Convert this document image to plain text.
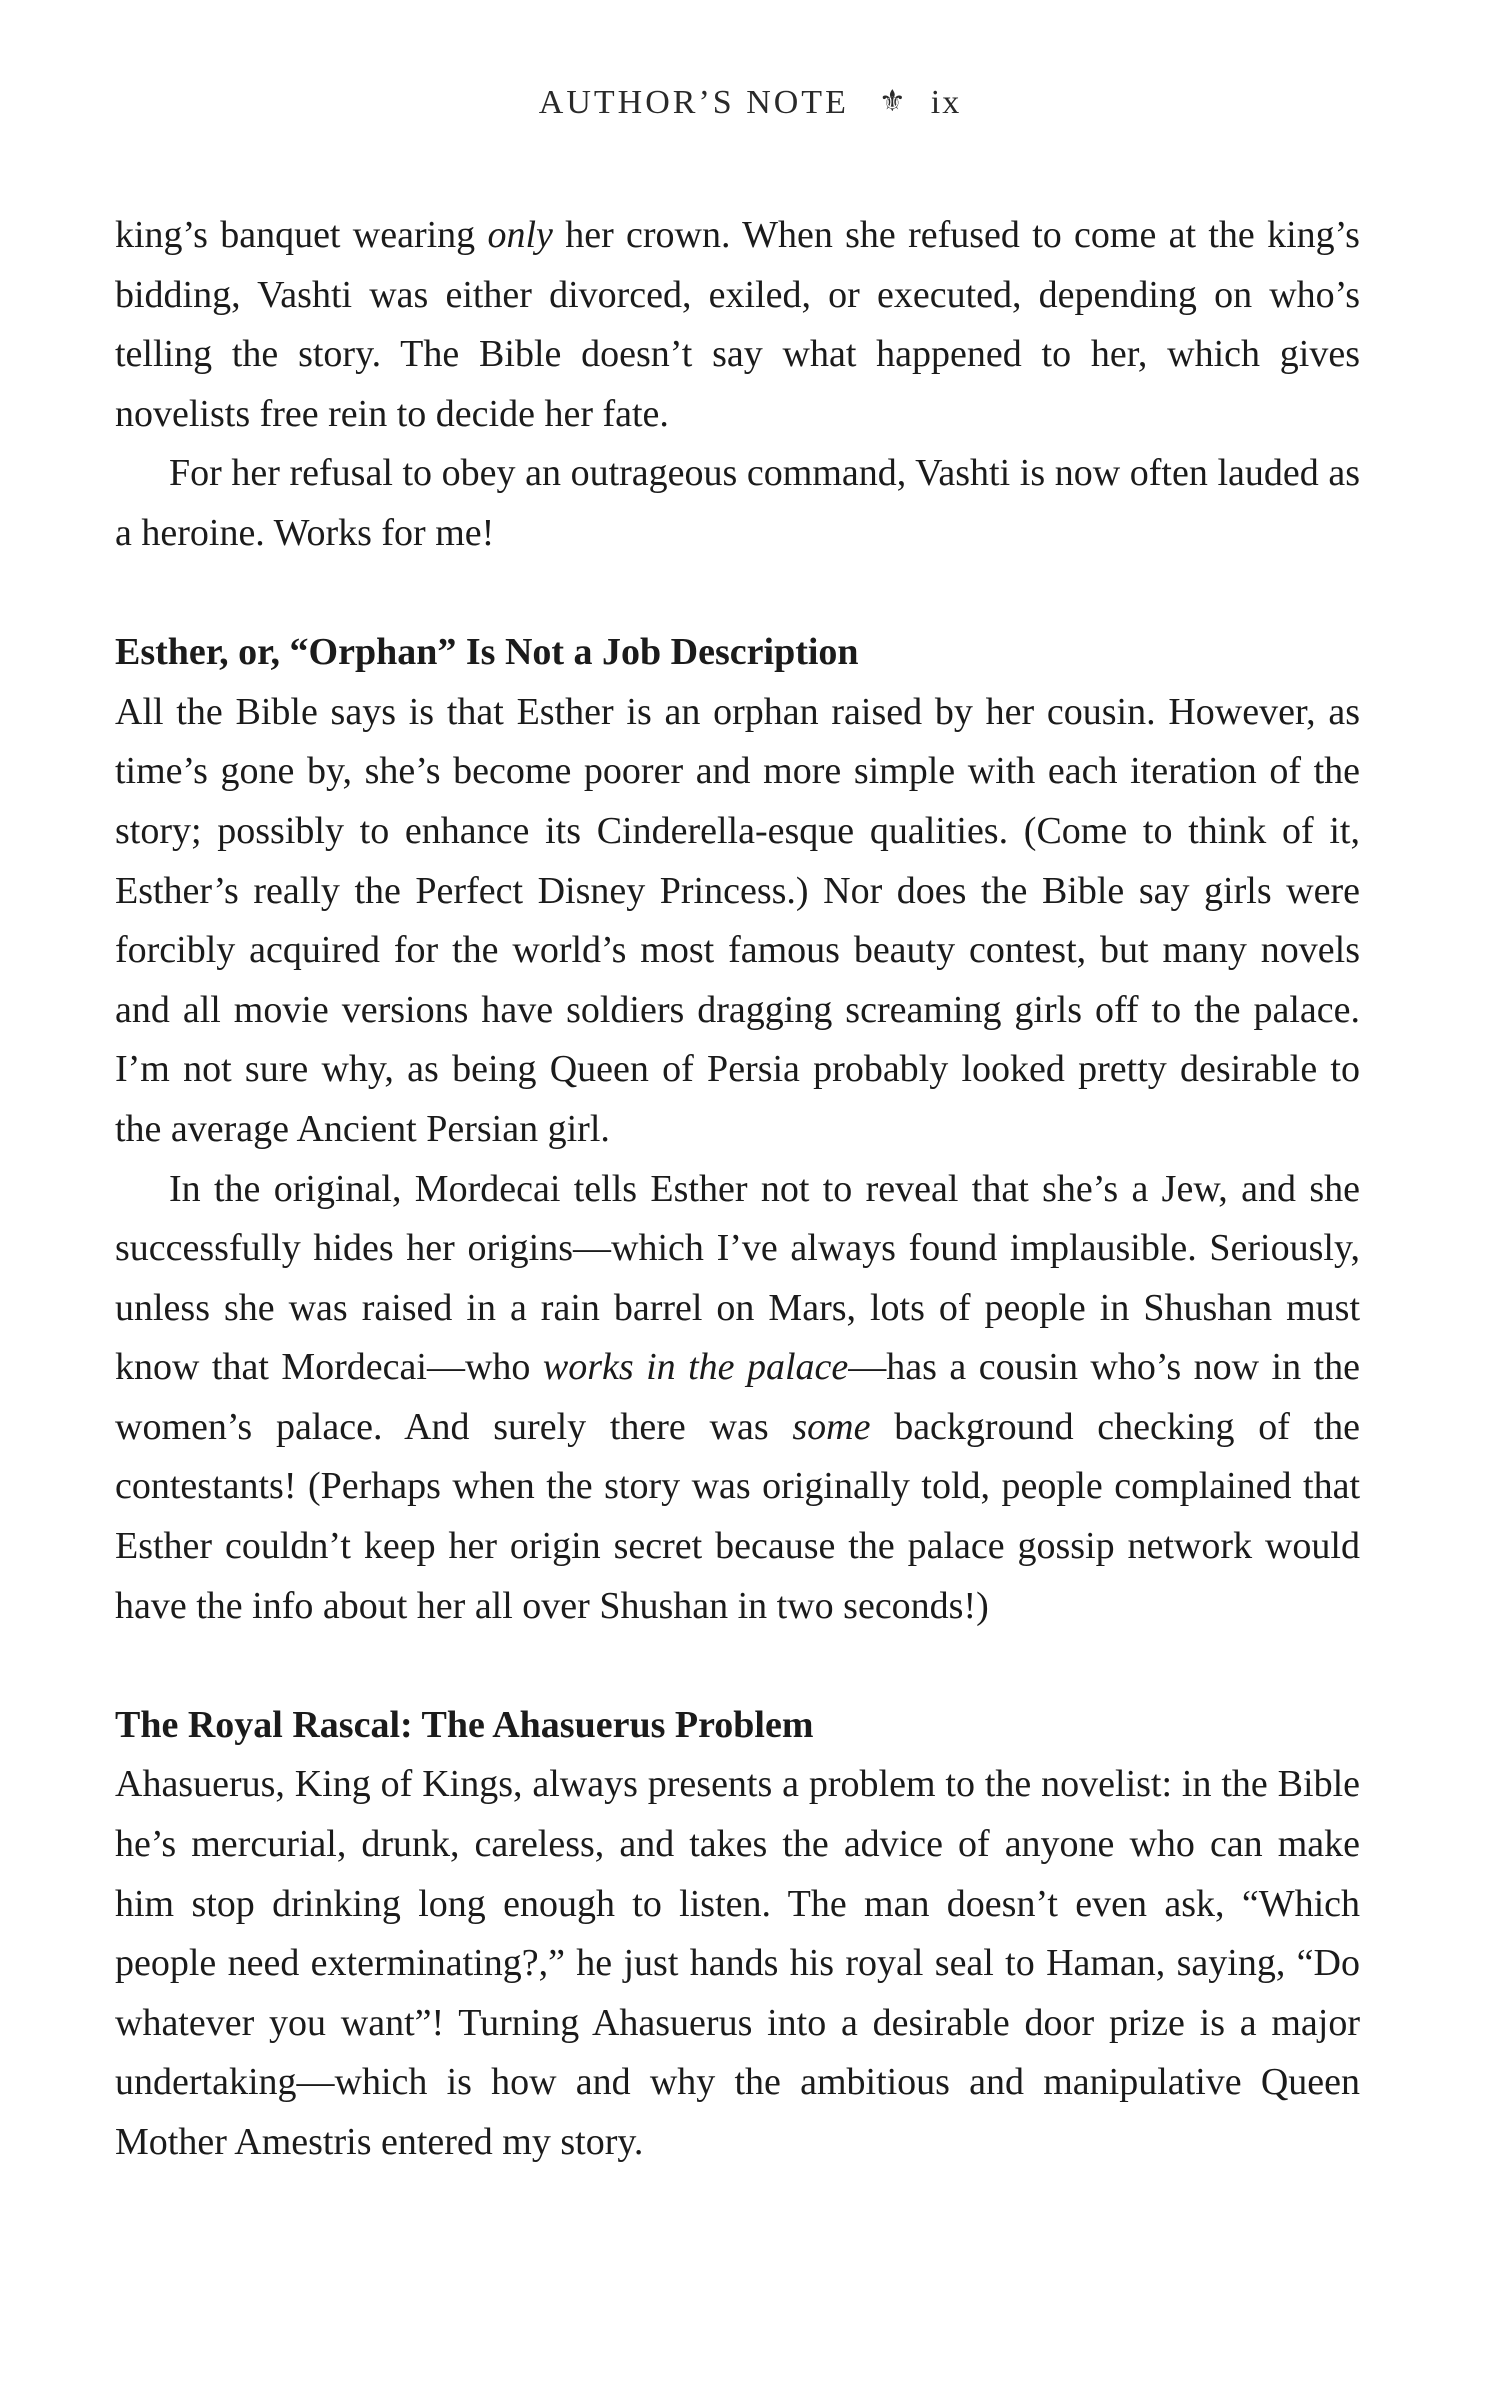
AUTHOR’S NOTE ⚜ ix

king’s banquet wearing only her crown. When she refused to come at the king’s bidding, Vashti was either divorced, exiled, or executed, depending on who’s telling the story. The Bible doesn’t say what happened to her, which gives novelists free rein to decide her fate.

For her refusal to obey an outrageous command, Vashti is now often lauded as a heroine. Works for me!

Esther, or, “Orphan” Is Not a Job Description

All the Bible says is that Esther is an orphan raised by her cousin. However, as time’s gone by, she’s become poorer and more simple with each iteration of the story; possibly to enhance its Cinderella-esque qualities. (Come to think of it, Esther’s really the Perfect Disney Princess.) Nor does the Bible say girls were forcibly acquired for the world’s most famous beauty contest, but many novels and all movie versions have soldiers dragging screaming girls off to the palace. I’m not sure why, as being Queen of Persia probably looked pretty desirable to the average Ancient Persian girl.

In the original, Mordecai tells Esther not to reveal that she’s a Jew, and she successfully hides her origins—which I’ve always found implausible. Seriously, unless she was raised in a rain barrel on Mars, lots of people in Shushan must know that Mordecai—who works in the palace—has a cousin who’s now in the women’s palace. And surely there was some background checking of the contestants! (Perhaps when the story was originally told, people complained that Esther couldn’t keep her origin secret because the palace gossip network would have the info about her all over Shushan in two seconds!)

The Royal Rascal: The Ahasuerus Problem

Ahasuerus, King of Kings, always presents a problem to the novelist: in the Bible he’s mercurial, drunk, careless, and takes the advice of anyone who can make him stop drinking long enough to listen. The man doesn’t even ask, “Which people need exterminating?,” he just hands his royal seal to Haman, saying, “Do whatever you want”! Turning Ahasuerus into a desirable door prize is a major undertaking—which is how and why the ambitious and manipulative Queen Mother Amestris entered my story.
